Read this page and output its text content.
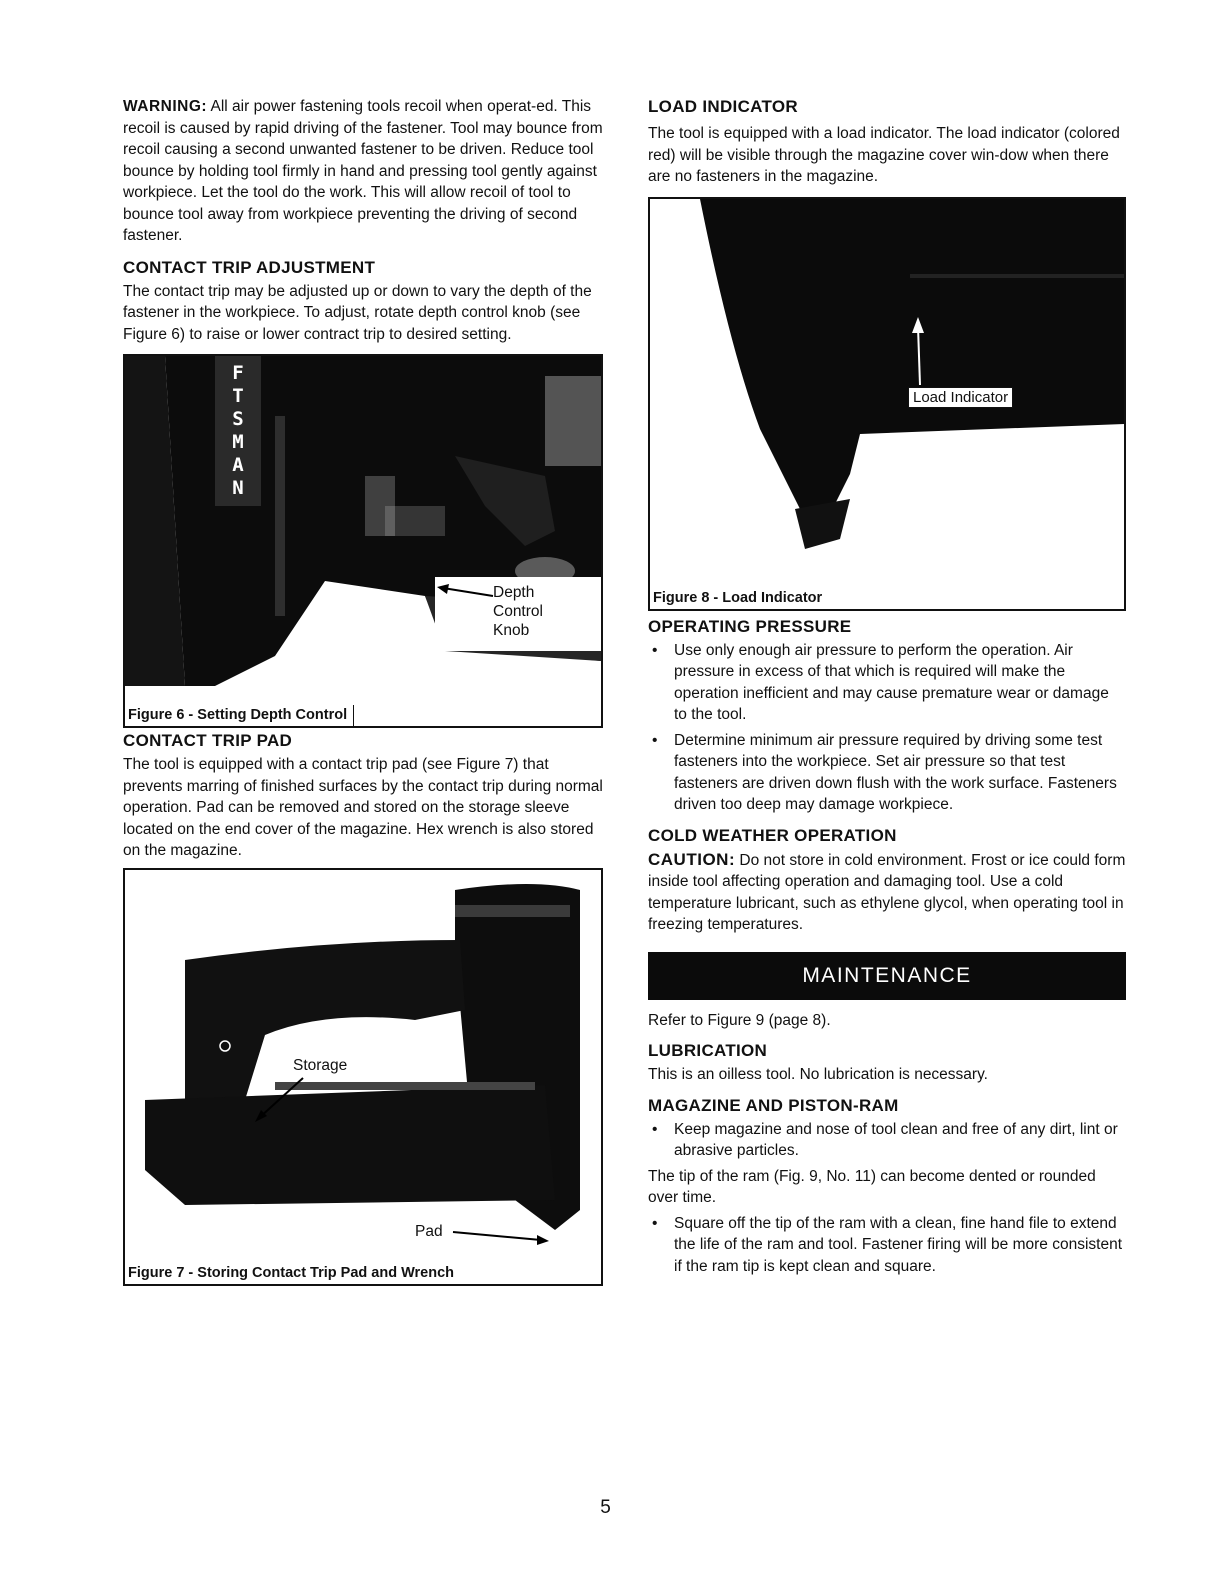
WARNING: All air power fastening tools recoil when operat-ed. This recoil is caused by rapid driving of the fastener. Tool may bounce from recoil causing a second unwanted fastener to be driven. Reduce tool bounce by holding tool firmly in hand and pressing tool gently against workpiece. Let the tool do the work. This will allow recoil of tool to bounce tool away from workpiece preventing the driving of second fastener.

CONTACT TRIP ADJUSTMENT

The contact trip may be adjusted up or down to vary the depth of the fastener in the workpiece. To adjust, rotate depth control knob (see Figure 6) to raise or lower contract trip to desired setting.

F
T
S
M
A
N
Depth
Control
Knob
Figure 6 - Setting Depth Control
CONTACT TRIP PAD

The tool is equipped with a contact trip pad (see Figure 7) that prevents marring of finished surfaces by the contact trip during normal operation. Pad can be removed and stored on the storage sleeve located on the end cover of the magazine. Hex wrench is also stored on the magazine.

Storage
Pad
Figure 7 - Storing Contact Trip Pad and Wrench
LOAD INDICATOR

The tool is equipped with a load indicator. The load indicator (colored red) will be visible through the magazine cover win-dow when there are no fasteners in the magazine.

Load Indicator
Figure 8 - Load Indicator
OPERATING PRESSURE
• Use only enough air pressure to perform the operation. Air pressure in excess of that which is required will make the operation inefficient and may cause premature wear or damage to the tool.
• Determine minimum air pressure required by driving some test fasteners into the workpiece. Set air pressure so that test fasteners are driven down flush with the work surface. Fasteners driven too deep may damage workpiece.
COLD WEATHER OPERATION

CAUTION: Do not store in cold environment. Frost or ice could form inside tool affecting operation and damaging tool. Use a cold temperature lubricant, such as ethylene glycol, when operating tool in freezing temperatures.

MAINTENANCE

Refer to Figure 9 (page 8).

LUBRICATION

This is an oilless tool. No lubrication is necessary.

MAGAZINE AND PISTON-RAM
• Keep magazine and nose of tool clean and free of any dirt, lint or abrasive particles.

The tip of the ram (Fig. 9, No. 11) can become dented or rounded over time.

• Square off the tip of the ram with a clean, fine hand file to extend the life of the ram and tool. Fastener firing will be more consistent if the ram tip is kept clean and square.
5
